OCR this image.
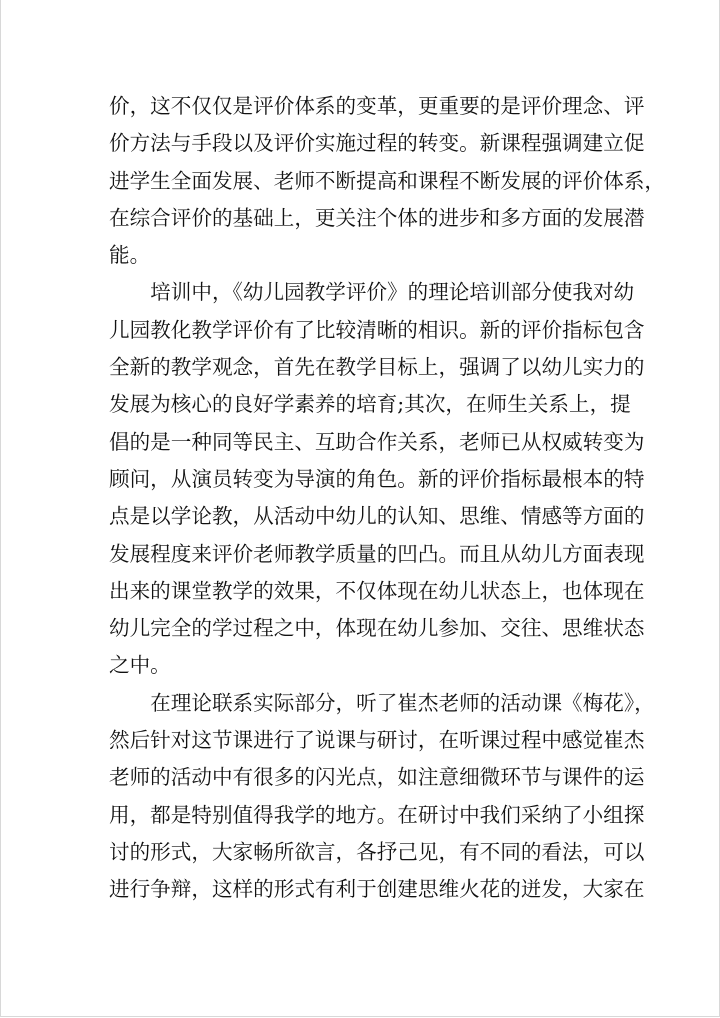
价，这不仅仅是评价体系的变革，更重要的是评价理念、评
价方法与手段以及评价实施过程的转变。新课程强调建立促
进学生全面发展、老师不断提高和课程不断发展的评价体系，
在综合评价的基础上，更关注个体的进步和多方面的发展潜
能。

　　培训中，《幼儿园教学评价》的理论培训部分使我对幼
儿园教化教学评价有了比较清晰的相识。新的评价指标包含
全新的教学观念，首先在教学目标上，强调了以幼儿实力的
发展为核心的良好学素养的培育;其次，在师生关系上，提
倡的是一种同等民主、互助合作关系，老师已从权威转变为
顾问，从演员转变为导演的角色。新的评价指标最根本的特
点是以学论教，从活动中幼儿的认知、思维、情感等方面的
发展程度来评价老师教学质量的凹凸。而且从幼儿方面表现
出来的课堂教学的效果，不仅体现在幼儿状态上，也体现在
幼儿完全的学过程之中，体现在幼儿参加、交往、思维状态
之中。

　　在理论联系实际部分，听了崔杰老师的活动课《梅花》，
然后针对这节课进行了说课与研讨，在听课过程中感觉崔杰
老师的活动中有很多的闪光点，如注意细微环节与课件的运
用，都是特别值得我学的地方。在研讨中我们采纳了小组探
讨的形式，大家畅所欲言，各抒己见，有不同的看法，可以
进行争辩，这样的形式有利于创建思维火花的迸发，大家在
